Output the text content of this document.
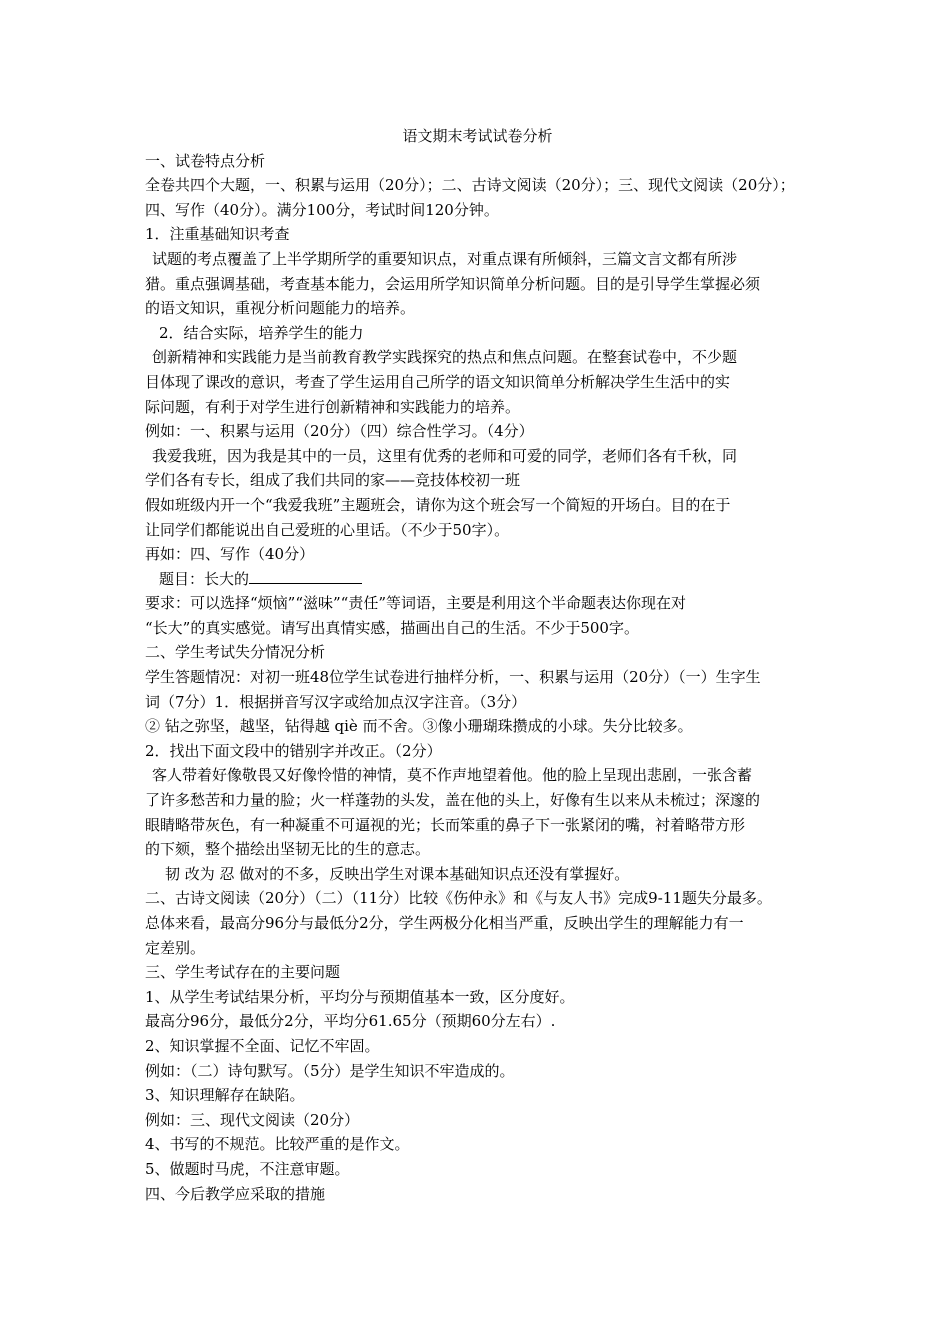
语文期末考试试卷分析

一、试卷特点分析

全卷共四个大题，一、积累与运用（20分）；二、古诗文阅读（20分）；三、现代文阅读（20分）；

四、写作（40分）。满分100分，考试时间120分钟。

1．注重基础知识考查

试题的考点覆盖了上半学期所学的重要知识点，对重点课有所倾斜，三篇文言文都有所涉

猎。重点强调基础，考查基本能力，会运用所学知识简单分析问题。目的是引导学生掌握必须

的语文知识，重视分析问题能力的培养。

2．结合实际，培养学生的能力

创新精神和实践能力是当前教育教学实践探究的热点和焦点问题。在整套试卷中，不少题

目体现了课改的意识，考查了学生运用自己所学的语文知识简单分析解决学生生活中的实

际问题，有利于对学生进行创新精神和实践能力的培养。

例如：一、积累与运用（20分）（四）综合性学习。（4分）

我爱我班，因为我是其中的一员，这里有优秀的老师和可爱的同学，老师们各有千秋，同

学们各有专长，组成了我们共同的家——竞技体校初一班

假如班级内开一个“我爱我班”主题班会，请你为这个班会写一个简短的开场白。目的在于

让同学们都能说出自己爱班的心里话。（不少于50字）。

再如：四、写作（40分）

题目：长大的

要求：可以选择“烦恼”“滋味”“责任”等词语，主要是利用这个半命题表达你现在对

“长大”的真实感觉。请写出真情实感，描画出自己的生活。不少于500字。

二、学生考试失分情况分析

学生答题情况：对初一班48位学生试卷进行抽样分析，一、积累与运用（20分）（一）生字生

词（7分）1．根据拼音写汉字或给加点汉字注音。（3分）

② 钻之弥坚，越坚，钻得越 qiè 而不舍。③像小珊瑚珠攒成的小球。失分比较多。

2．找出下面文段中的错别字并改正。（2分）

客人带着好像敬畏又好像怜惜的神情，莫不作声地望着他。他的脸上呈现出悲剧，一张含蓄

了许多愁苦和力量的脸；火一样蓬勃的头发，盖在他的头上，好像有生以来从未梳过；深邃的

眼睛略带灰色，有一种凝重不可逼视的光；长而笨重的鼻子下一张紧闭的嘴，衬着略带方形

的下颏，整个描绘出坚韧无比的生的意志。

韧 改为 忍 做对的不多，反映出学生对课本基础知识点还没有掌握好。

二、古诗文阅读（20分）（二）（11分）比较《伤仲永》和《与友人书》完成9-11题失分最多。

总体来看，最高分96分与最低分2分，学生两极分化相当严重，反映出学生的理解能力有一

定差别。

三、学生考试存在的主要问题

1、从学生考试结果分析，平均分与预期值基本一致，区分度好。

最高分96分，最低分2分，平均分61.65分（预期60分左右）.

2、知识掌握不全面、记忆不牢固。

例如：（二）诗句默写。（5分）是学生知识不牢造成的。

3、知识理解存在缺陷。

例如：三、现代文阅读（20分）

4、书写的不规范。比较严重的是作文。

5、做题时马虎，不注意审题。

四、今后教学应采取的措施
